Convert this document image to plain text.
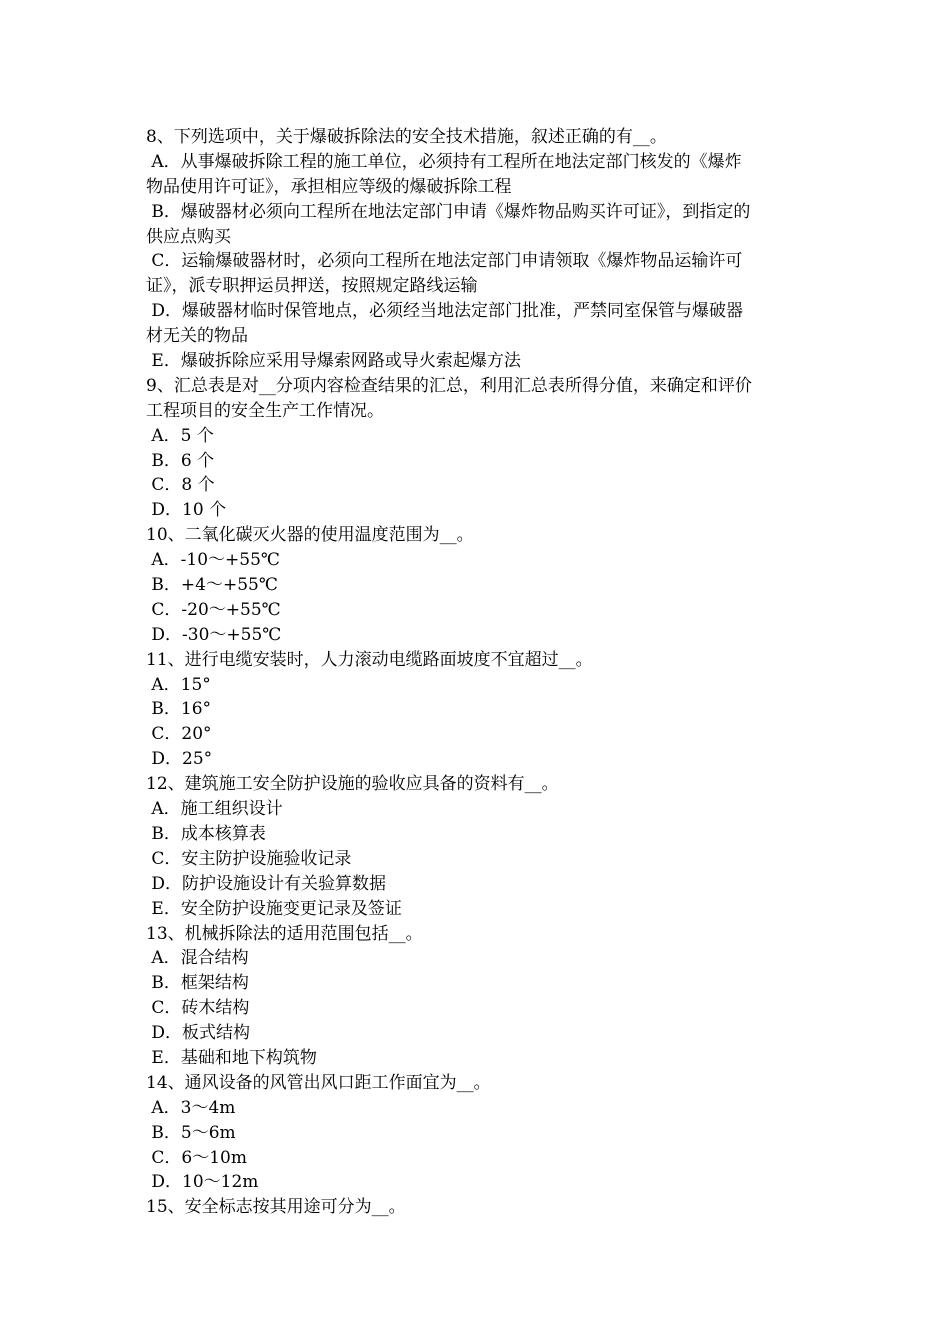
8、下列选项中，关于爆破拆除法的安全技术措施，叙述正确的有__。
A．从事爆破拆除工程的施工单位，必须持有工程所在地法定部门核发的《爆炸
物品使用许可证》，承担相应等级的爆破拆除工程
B．爆破器材必须向工程所在地法定部门申请《爆炸物品购买许可证》，到指定的
供应点购买
C．运输爆破器材时，必须向工程所在地法定部门申请领取《爆炸物品运输许可
证》，派专职押运员押送，按照规定路线运输
D．爆破器材临时保管地点，必须经当地法定部门批准，严禁同室保管与爆破器
材无关的物品
E．爆破拆除应采用导爆索网路或导火索起爆方法
9、汇总表是对__分项内容检查结果的汇总，利用汇总表所得分值，来确定和评价
工程项目的安全生产工作情况。
A．5 个
B．6 个
C．8 个
D．10 个
10、二氧化碳灭火器的使用温度范围为__。
A．-10～+55℃
B．+4～+55℃
C．-20～+55℃
D．-30～+55℃
11、进行电缆安装时，人力滚动电缆路面坡度不宜超过__。
A．15°
B．16°
C．20°
D．25°
12、建筑施工安全防护设施的验收应具备的资料有__。
A．施工组织设计
B．成本核算表
C．安主防护设施验收记录
D．防护设施设计有关验算数据
E．安全防护设施变更记录及签证
13、机械拆除法的适用范围包括__。
A．混合结构
B．框架结构
C．砖木结构
D．板式结构
E．基础和地下构筑物
14、通风设备的风管出风口距工作面宜为__。
A．3～4m
B．5～6m
C．6～10m
D．10～12m
15、安全标志按其用途可分为__。
